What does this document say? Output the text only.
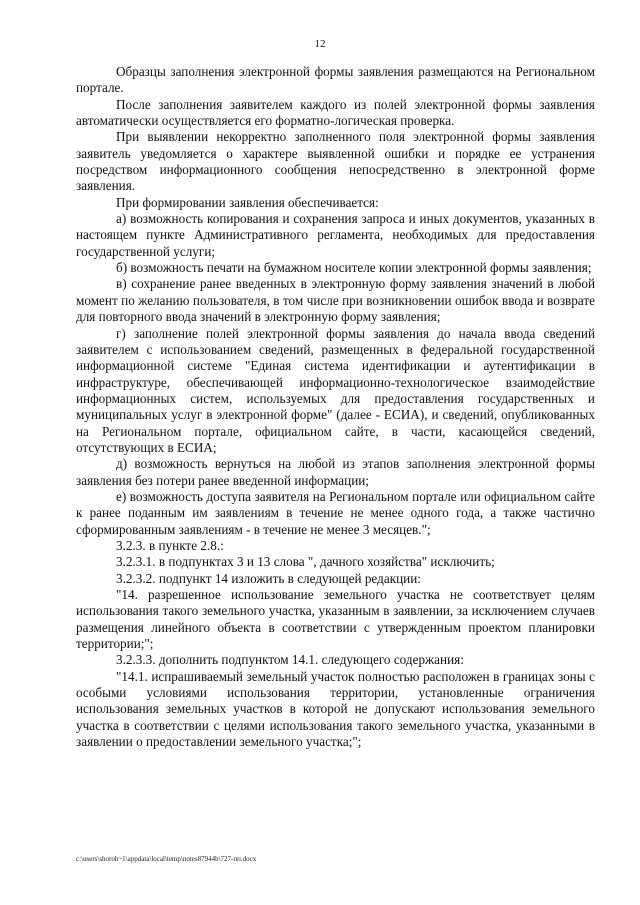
12

Образцы заполнения электронной формы заявления размещаются на Региональном портале.

После заполнения заявителем каждого из полей электронной формы заявления автоматически осуществляется его форматно-логическая проверка.

При выявлении некорректно заполненного поля электронной формы заявления заявитель уведомляется о характере выявленной ошибки и порядке ее устранения посредством информационного сообщения непосредственно в электронной форме заявления.

При формировании заявления обеспечивается:

а) возможность копирования и сохранения запроса и иных документов, указанных в настоящем пункте Административного регламента, необходимых для предоставления государственной услуги;

б) возможность печати на бумажном носителе копии электронной формы заявления;

в) сохранение ранее введенных в электронную форму заявления значений в любой момент по желанию пользователя, в том числе при возникновении ошибок ввода и возврате для повторного ввода значений в электронную форму заявления;

г) заполнение полей электронной формы заявления до начала ввода сведений заявителем с использованием сведений, размещенных в федеральной государственной информационной системе "Единая система идентификации и аутентификации в инфраструктуре, обеспечивающей информационно-технологическое взаимодействие информационных систем, используемых для предоставления государственных и муниципальных услуг в электронной форме" (далее - ЕСИА), и сведений, опубликованных на Региональном портале, официальном сайте, в части, касающейся сведений, отсутствующих в ЕСИА;

д) возможность вернуться на любой из этапов заполнения электронной формы заявления без потери ранее введенной информации;

е) возможность доступа заявителя на Региональном портале или официальном сайте к ранее поданным им заявлениям в течение не менее одного года, а также частично сформированным заявлениям - в течение не менее 3 месяцев.";

3.2.3. в пункте 2.8.:

3.2.3.1. в подпунктах 3 и 13 слова ", дачного хозяйства" исключить;

3.2.3.2. подпункт 14 изложить в следующей редакции:

"14. разрешенное использование земельного участка не соответствует целям использования такого земельного участка, указанным в заявлении, за исключением случаев размещения линейного объекта в соответствии с утвержденным проектом планировки территории;";

3.2.3.3. дополнить подпунктом 14.1. следующего содержания:

"14.1. испрашиваемый земельный участок полностью расположен в границах зоны с особыми условиями использования территории, установленные ограничения использования земельных участков в которой не допускают использования земельного участка в соответствии с целями использования такого земельного участка, указанными в заявлении о предоставлении земельного участка;";

c:\users\shoroh~1\appdata\local\temp\notes87944b\727-пп.docx
